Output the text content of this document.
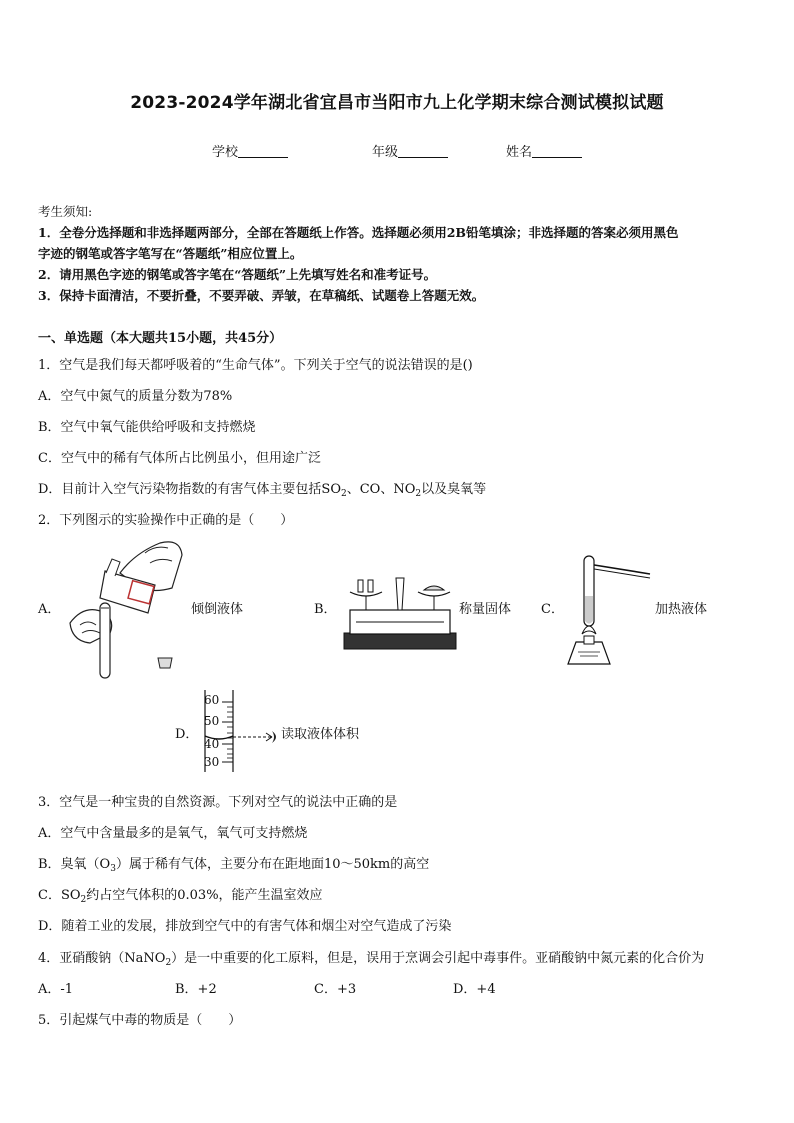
2023-2024学年湖北省宜昌市当阳市九上化学期末综合测试模拟试题
学校	年级	姓名
考生须知:
1．全卷分选择题和非选择题两部分，全部在答题纸上作答。选择题必须用2B铅笔填涂；非选择题的答案必须用黑色
字迹的钢笔或答字笔写在“答题纸”相应位置上。
2．请用黑色字迹的钢笔或答字笔在“答题纸”上先填写姓名和准考证号。
3．保持卡面清洁，不要折叠，不要弄破、弄皱，在草稿纸、试题卷上答题无效。
一、单选题（本大题共15小题，共45分）
1．空气是我们每天都呼吸着的“生命气体”。下列关于空气的说法错误的是()
A．空气中氮气的质量分数为78%
B．空气中氧气能供给呼吸和支持燃烧
C．空气中的稀有气体所占比例虽小，但用途广泛
D．目前计入空气污染物指数的有害气体主要包括$SO_2$、CO、$NO_2$以及臭氧等
2．下列图示的实验操作中正确的是（　　）
A．	倾倒液体	B．	称量固体 C．	加热液体
D．
60
50
40
30
读取液体体积
3．空气是一种宝贵的自然资源。下列对空气的说法中正确的是
A．空气中含量最多的是氧气，氧气可支持燃烧
B．臭氧$(O_3)$属于稀有气体，主要分布在距地面10～50km的高空
C．$SO_2$约占空气体积的0.03%，能产生温室效应
D．随着工业的发展，排放到空气中的有害气体和烟尘对空气造成了污染
4．亚硝酸钠（NaNO$_2$）是一中重要的化工原料，但是，误用于烹调会引起中毒事件。亚硝酸钠中氮元素的化合价为
A．-1	B．+2	C．+3	D．+4
5．引起煤气中毒的物质是（　　）
